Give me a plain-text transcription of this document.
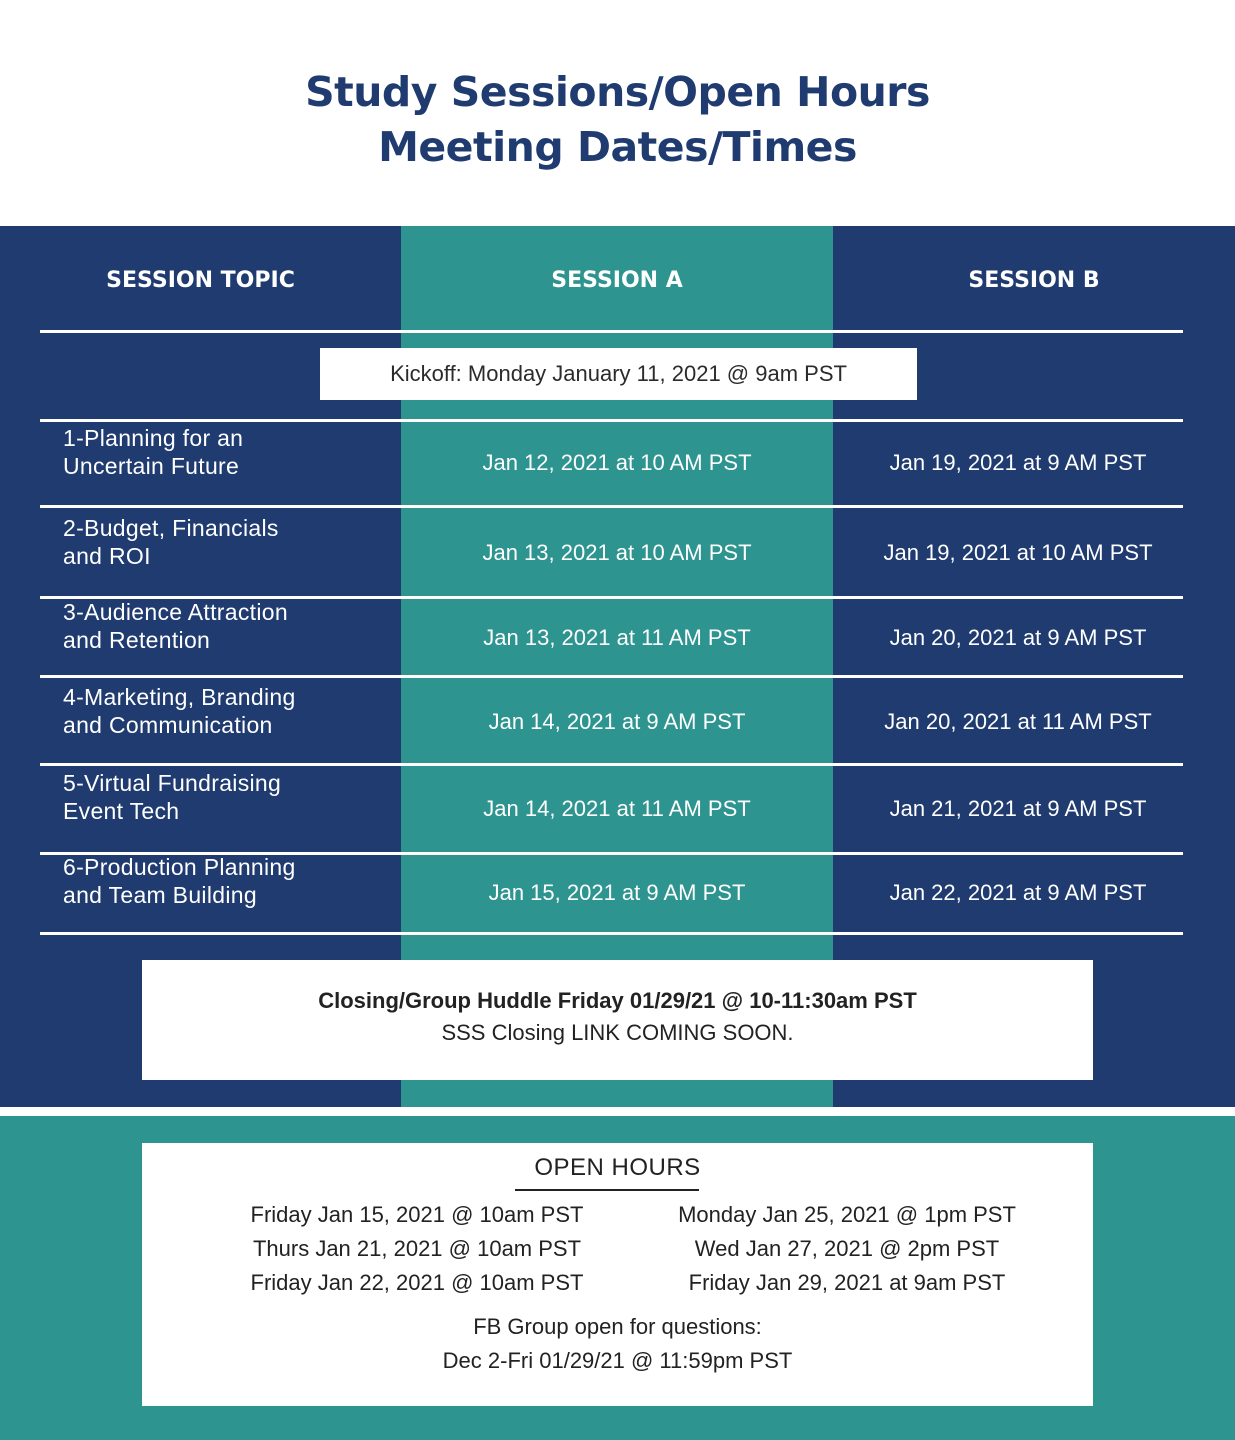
Study Sessions/Open Hours
Meeting Dates/Times
SESSION TOPIC	SESSION A	SESSION B
Kickoff: Monday January 11, 2021 @ 9am PST
1-Planning for an
Uncertain Future	Jan 12, 2021 at 10 AM PST	Jan 19, 2021 at 9 AM PST
2-Budget, Financials
and ROI	Jan 13, 2021 at 10 AM PST	Jan 19, 2021 at 10 AM PST
3-Audience Attraction
and Retention	Jan 13, 2021 at 11 AM PST	Jan 20, 2021 at 9 AM PST
4-Marketing, Branding
and Communication	Jan 14, 2021 at 9 AM PST	Jan 20, 2021 at 11 AM PST
5-Virtual Fundraising
Event Tech	Jan 14, 2021 at 11 AM PST	Jan 21, 2021 at 9 AM PST
6-Production Planning
and Team Building	Jan 15, 2021 at 9 AM PST	Jan 22, 2021 at 9 AM PST
Closing/Group Huddle Friday 01/29/21 @ 10-11:30am PST
SSS Closing LINK COMING SOON.
OPEN HOURS
Friday Jan 15, 2021 @ 10am PST
Thurs Jan 21, 2021 @ 10am PST
Friday Jan 22, 2021 @ 10am PST
Monday Jan 25, 2021 @ 1pm PST
Wed Jan 27, 2021 @ 2pm PST
Friday Jan 29, 2021 at 9am PST
FB Group open for questions:
Dec 2-Fri 01/29/21 @ 11:59pm PST
